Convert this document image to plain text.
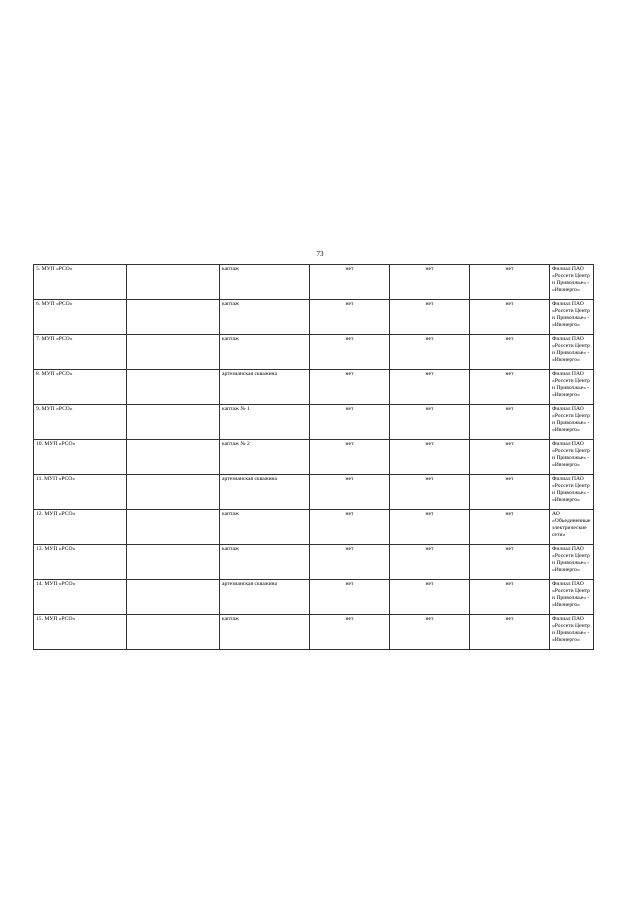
73
5. МУП «РСО»		каптаж	нет	нет	нет	Филиал ПАО «Россети Центр и Приволжье» - «Ивэнерго»
6. МУП «РСО»		каптаж	нет	нет	нет	Филиал ПАО «Россети Центр и Приволжье» - «Ивэнерго»
7. МУП «РСО»		каптаж	нет	нет	нет	Филиал ПАО «Россети Центр и Приволжье» - «Ивэнерго»
8. МУП «РСО»		артезианская скважина	нет	нет	нет	Филиал ПАО «Россети Центр и Приволжье» - «Ивэнерго»
9. МУП «РСО»		каптаж № 1	нет	нет	нет	Филиал ПАО «Россети Центр и Приволжье» - «Ивэнерго»
10. МУП «РСО»		каптаж № 2	нет	нет	нет	Филиал ПАО «Россети Центр и Приволжье» - «Ивэнерго»
11. МУП «РСО»		артезианская скважина	нет	нет	нет	Филиал ПАО «Россети Центр и Приволжье» - «Ивэнерго»
12. МУП «РСО»		каптаж	нет	нет	нет	АО «Объединенные электрические сети»
13. МУП «РСО»		каптаж	нет	нет	нет	Филиал ПАО «Россети Центр и Приволжье» - «Ивэнерго»
14. МУП «РСО»		артезианская скважина	нет	нет	нет	Филиал ПАО «Россети Центр и Приволжье» - «Ивэнерго»
15. МУП «РСО»		каптаж	нет	нет	нет	Филиал ПАО «Россети Центр и Приволжье» - «Ивэнерго»
